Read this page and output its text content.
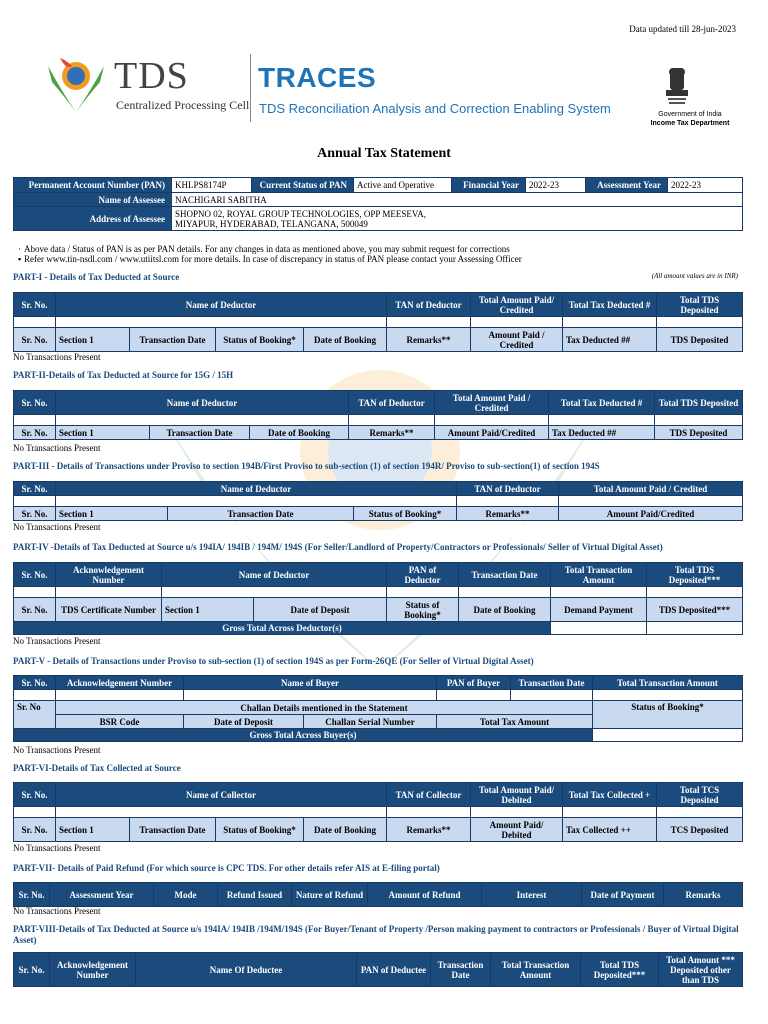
Data updated till 28-jun-2023
TDS
Centralized Processing Cell
TRACES
TDS Reconciliation Analysis and Correction Enabling System	Government of India
Income Tax Department
Annual Tax Statement
Permanent Account Number (PAN)	KHLPS8174P	Current Status of PAN	Active and Operative	Financial Year	2022-23	Assessment Year	2022-23
Name of Assessee	NACHIGARI SABITHA						
Address of Assessee	SHOPNO 02, ROYAL GROUP TECHNOLOGIES, OPP MEESEVA,
MIYAPUR, HYDERABAD, TELANGANA, 500049						
· Above data / Status of PAN is as per PAN details. For any changes in data as mentioned above, you may submit request for corrections
▪ Refer www.tin-nsdl.com / www.utiitsl.com for more details. In case of discrepancy in status of PAN please contact your Assessing Officer
PART-I - Details of Tax Deducted at Source	(All amount values are in INR)
Sr. No.	Name of Deductor				TAN of Deductor	Total Amount Paid/ Credited	Total Tax Deducted #	Total TDS Deposited

Sr. No.	Section 1	Transaction Date	Status of Booking*	Date of Booking	Remarks**	Amount Paid / Credited	Tax Deducted ##	TDS Deposited
No Transactions Present
PART-II-Details of Tax Deducted at Source for 15G / 15H
Sr. No.	Name of Deductor			TAN of Deductor	Total Amount Paid / Credited	Total Tax Deducted #	Total TDS Deposited

Sr. No.	Section 1	Transaction Date	Date of Booking	Remarks**	Amount Paid/Credited	Tax Deducted ##	TDS Deposited
No Transactions Present
PART-III - Details of Transactions under Proviso to section 194B/First Proviso to sub-section (1) of section 194R/ Proviso to sub-section(1) of section 194S
Sr. No.	Name of Deductor			TAN of Deductor	Total Amount Paid / Credited

Sr. No.	Section 1	Transaction Date	Status of Booking*	Remarks**	Amount Paid/Credited
No Transactions Present
PART-IV -Details of Tax Deducted at Source u/s 194IA/ 194IB / 194M/ 194S (For Seller/Landlord of Property/Contractors or Professionals/ Seller of Virtual Digital Asset)
Sr. No.	Acknowledgement Number	Name of Deductor		PAN of Deductor	Transaction Date	Total Transaction Amount	Total TDS Deposited***

Sr. No.	TDS Certificate Number	Section 1	Date of Deposit	Status of Booking*	Date of Booking	Demand Payment	TDS Deposited***
Gross Total Across Deductor(s)							
No Transactions Present
PART-V - Details of Transactions under Proviso to sub-section (1) of section 194S as per Form-26QE (For Seller of Virtual Digital Asset)
Sr. No.	Acknowledgement Number	Name of Buyer		PAN of Buyer	Transaction Date	Total Transaction Amount

Sr. No	Challan Details mentioned in the Statement					Status of Booking*
	BSR Code	Date of Deposit	Challan Serial Number	Total Tax Amount		
Gross Total Across Buyer(s)						
No Transactions Present
PART-VI-Details of Tax Collected at Source
Sr. No.	Name of Collector				TAN of Collector	Total Amount Paid/ Debited	Total Tax Collected +	Total TCS Deposited

Sr. No.	Section 1	Transaction Date	Status of Booking*	Date of Booking	Remarks**	Amount Paid/ Debited	Tax Collected ++	TCS Deposited
No Transactions Present
PART-VII- Details of Paid Refund (For which source is CPC TDS. For other details refer AIS at E-filing portal)
Sr. No.	Assessment Year	Mode	Refund Issued	Nature of Refund	Amount of Refund	Interest	Date of Payment	Remarks
No Transactions Present
PART-VIII-Details of Tax Deducted at Source u/s 194IA/ 194IB /194M/194S (For Buyer/Tenant of Property /Person making payment to contractors or Professionals / Buyer of Virtual Digital Asset)
Sr. No.	Acknowledgement Number	Name Of Deductee	PAN of Deductee	Transaction Date	Total Transaction Amount	Total TDS Deposited***	Total Amount *** Deposited other than TDS
